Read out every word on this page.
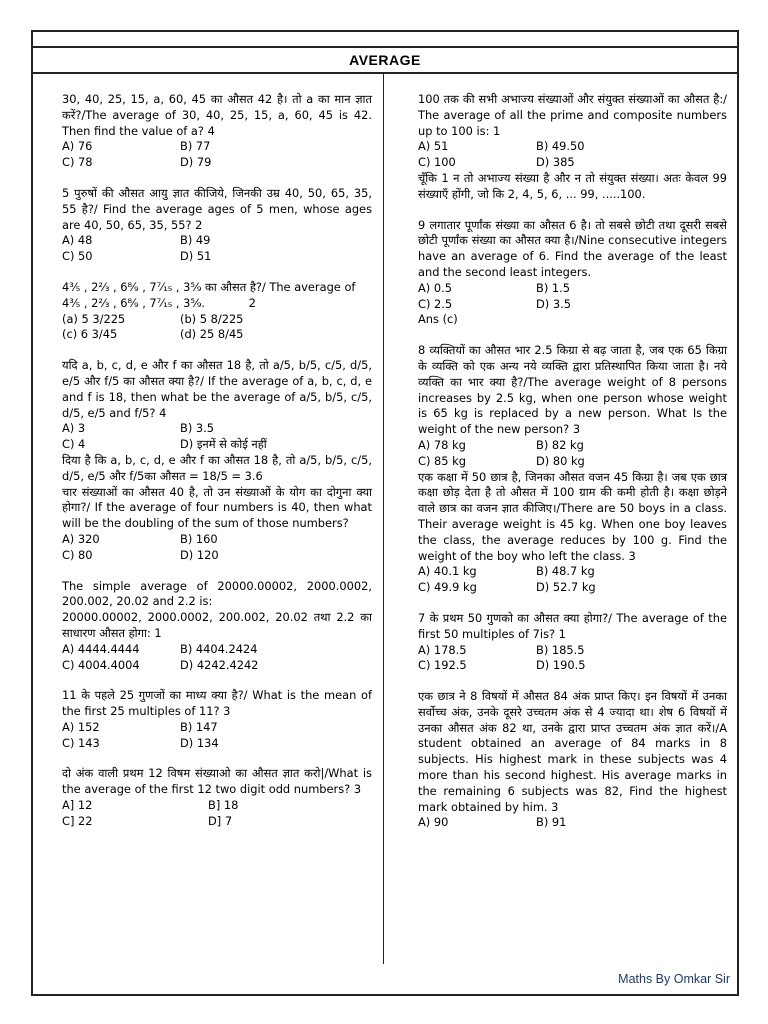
AVERAGE

30, 40, 25, 15, a, 60, 45 का औसत 42 है। तो a का मान ज्ञात करें?/The average of 30, 40, 25, 15, a, 60, 45 is 42. Then find the value of a? 4

A) 76	B) 77
C) 78	D) 79

5 पुरुषों की औसत आयु ज्ञात कीजिये, जिनकी उम्र 40, 50, 65, 35, 55 है?/ Find the average ages of 5 men, whose ages are 40, 50, 65, 35, 55? 2

A) 48	B) 49
C) 50	D) 51

4³⁄₅ , 2²⁄₃ , 6⁸⁄₉ , 7⁷⁄₁₅ , 3⁵⁄₉ का औसत है?/ The average of

4³⁄₅ , 2²⁄₃ , 6⁸⁄₉ , 7⁷⁄₁₅ , 3⁵⁄₉.	2

(a) 5 3/225	(b) 5 8/225
(c) 6 3/45	(d) 25 8/45

यदि a, b, c, d, e और f का औसत 18 है, तो a/5, b/5, c/5, d/5, e/5 और f/5 का औसत क्या है?/ If the average of a, b, c, d, e and f is 18, then what be the average of a/5, b/5, c/5, d/5, e/5 and f/5? 4

A) 3	B) 3.5
C) 4	D) इनमें से कोई नहीं

दिया है कि a, b, c, d, e और f का औसत 18 है, तो a/5, b/5, c/5, d/5, e/5 और f/5का औसत = 18/5 = 3.6

चार संख्याओं का औसत 40 है, तो उन संख्याओं के योग का दोगुना क्या होगा?/ If the average of four numbers is 40, then what will be the doubling of the sum of those numbers?

A) 320	B) 160
C) 80	D) 120

The simple average of 20000.00002, 2000.0002, 200.002, 20.02 and 2.2 is:

20000.00002, 2000.0002, 200.002, 20.02 तथा 2.2 का साधारण औसत होगा: 1

A) 4444.4444	B) 4404.2424
C) 4004.4004	D) 4242.4242

11 के पहले 25 गुणजों का माध्य क्या है?/ What is the mean of the first 25 multiples of 11? 3

A) 152	B) 147
C) 143	D) 134

दो अंक वाली प्रथम 12 विषम संख्याओ का औसत ज्ञात करो|/What is the average of the first 12 two digit odd numbers? 3

A] 12	B] 18
C] 22	D] 7

100 तक की सभी अभाज्य संख्याओं और संयुक्त संख्याओं का औसत है:/ The average of all the prime and composite numbers up to 100 is: 1

A) 51	B) 49.50
C) 100	D) 385

चूँकि 1 न तो अभाज्य संख्या है और न तो संयुक्त संख्या। अतः केवल 99 संख्याएँ होंगी, जो कि 2, 4, 5, 6, ... 99, .....100.

9 लगातार पूर्णांक संख्या का औसत 6 है। तो सबसे छोटी तथा दूसरी सबसे छोटी पूर्णांक संख्या का औसत क्या है।/Nine consecutive integers have an average of 6. Find the average of the least and the second least integers.

A) 0.5	B) 1.5
C) 2.5	D) 3.5

Ans (c)

8 व्यक्तियों का औसत भार 2.5 किग्रा से बढ़ जाता है, जब एक 65 किग्रा के व्यक्ति को एक अन्य नये व्यक्ति द्वारा प्रतिस्थापित किया जाता है। नये व्यक्ति का भार क्या है?/The average weight of 8 persons increases by 2.5 kg, when one person whose weight is 65 kg is replaced by a new person. What Is the weight of the new person? 3

A) 78 kg	B) 82 kg
C) 85 kg	D) 80 kg

एक कक्षा में 50 छात्र है, जिनका औसत वजन 45 किग्रा है। जब एक छात्र कक्षा छोड़ देता है तो औसत में 100 ग्राम की कमी होती है। कक्षा छोड़ने वाले छात्र का वजन ज्ञात कीजिए।/There are 50 boys in a class. Their average weight is 45 kg. When one boy leaves the class, the average reduces by 100 g. Find the weight of the boy who left the class. 3

A) 40.1 kg	B) 48.7 kg
C) 49.9 kg	D) 52.7 kg

7 के प्रथम 50 गुणको का औसत क्या होगा?/ The average of the first 50 multiples of 7is? 1

A) 178.5	B) 185.5
C) 192.5	D) 190.5

एक छात्र ने 8 विषयों में औसत 84 अंक प्राप्त किए। इन विषयों में उनका सर्वोच्च अंक, उनके दूसरे उच्चतम अंक से 4 ज्यादा था। शेष 6 विषयों में उनका औसत अंक 82 था, उनके द्वारा प्राप्त उच्चतम अंक ज्ञात करें।/A student obtained an average of 84 marks in 8 subjects. His highest mark in these subjects was 4 more than his second highest. His average marks in the remaining 6 subjects was 82, Find the highest mark obtained by him. 3

A) 90	B) 91
Maths By Omkar Sir
